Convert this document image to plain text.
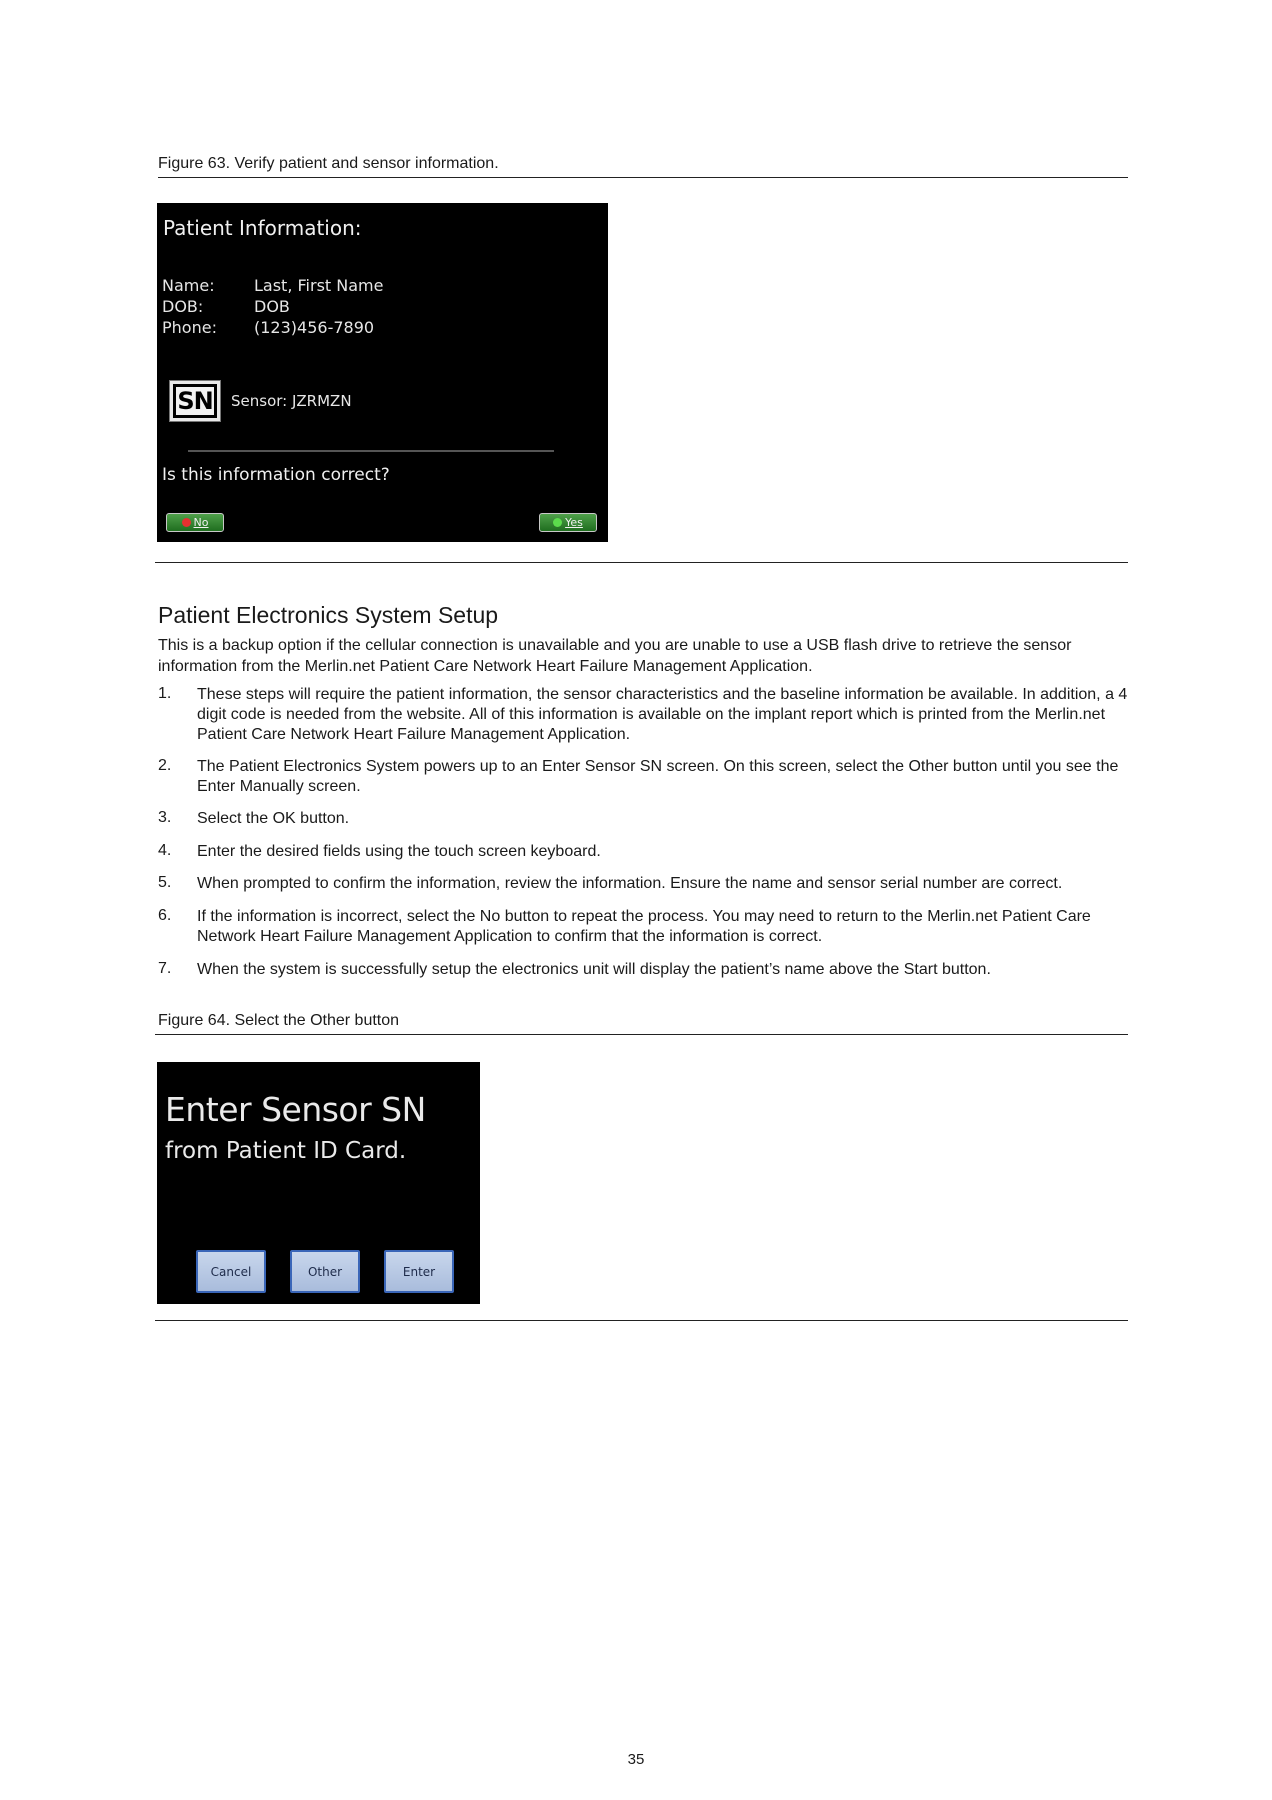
Figure 63. Verify patient and sensor information.
Patient Information:
Name: Last, First Name
DOB:	DOB
Phone: (123)456-7890
SN Sensor: JZRMZN
Is this information correct?
No	Yes
Patient Electronics System Setup
This is a backup option if the cellular connection is unavailable and you are unable to use a USB flash drive to retrieve the sensor information from the Merlin.net Patient Care Network Heart Failure Management Application.
1. These steps will require the patient information, the sensor characteristics and the baseline information be available. In addition, a 4 digit code is needed from the website. All of this information is available on the implant report which is printed from the Merlin.net Patient Care Network Heart Failure Management Application.
2. The Patient Electronics System powers up to an Enter Sensor SN screen. On this screen, select the Other button until you see the Enter Manually screen.
3. Select the OK button.
4. Enter the desired fields using the touch screen keyboard.
5. When prompted to confirm the information, review the information. Ensure the name and sensor serial number are correct.
6. If the information is incorrect, select the No button to repeat the process. You may need to return to the Merlin.net Patient Care Network Heart Failure Management Application to confirm that the information is correct.
7. When the system is successfully setup the electronics unit will display the patient’s name above the Start button.
Figure 64. Select the Other button
Enter Sensor SN
from Patient ID Card.
Cancel	Other	Enter
35
